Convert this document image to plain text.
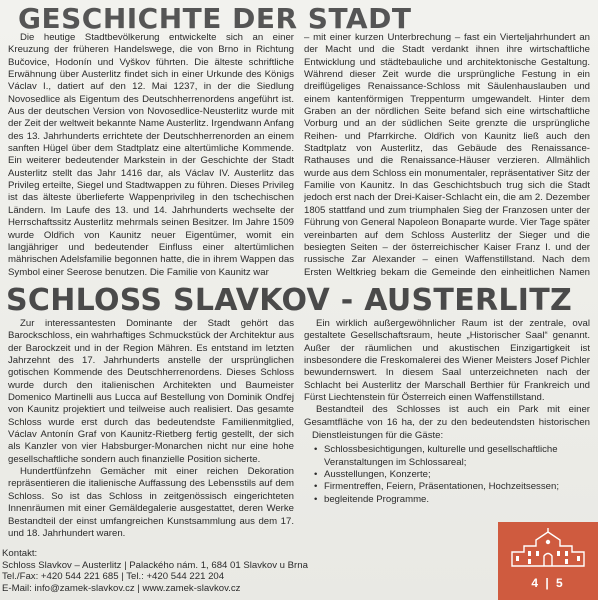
GESCHICHTE DER STADT

Die heutige Stadtbevölkerung entwickelte sich an einer Kreuzung der früheren Handelswege, die von Brno in Richtung Bučovice, Hodonín und Vyškov führten. Die älteste schriftliche Erwähnung über Austerlitz findet sich in einer Urkunde des Königs Václav I., datiert auf den 12. Mai 1237, in der die Siedlung Novosedlice als Eigentum des Deutschherrenordens angeführt ist. Aus der deutschen Version von Novosedlice-Neusterlitz wurde mit der Zeit der weltweit bekannte Name Austerlitz. Irgendwann Anfang des 13. Jahrhunderts errichtete der Deutschherrenorden an einem sanften Hügel über dem Stadtplatz eine altertümliche Kommende. Ein weiterer bedeutender Markstein in der Geschichte der Stadt Austerlitz stellt das Jahr 1416 dar, als Václav IV. Austerlitz das Privileg erteilte, Siegel und Stadtwappen zu führen. Dieses Privileg ist das älteste überlieferte Wappenprivileg in den tschechischen Ländern. Im Laufe des 13. und 14. Jahrhunderts wechselte der Herrschaftssitz Austerlitz mehrmals seinen Besitzer. Im Jahre 1509 wurde Oldřich von Kaunitz neuer Eigentümer, womit ein langjähriger und bedeutender Einfluss einer altertümlichen mährischen Adelsfamilie begonnen hatte, die in ihrem Wappen das Symbol einer Seerose benutzen. Die Familie von Kaunitz war

– mit einer kurzen Unterbrechung – fast ein Vierteljahrhundert an der Macht und die Stadt verdankt ihnen ihre wirtschaftliche Entwicklung und städtebauliche und architektonische Gestaltung. Während dieser Zeit wurde die ursprüngliche Festung in ein dreiflügeliges Renaissance-Schloss mit Säulenhauslauben und einem kantenförmigen Treppenturm umgewandelt. Hinter dem Graben an der nördlichen Seite befand sich eine wirtschaftliche Vorburg und an der südlichen Seite grenzte die ursprüngliche Reihen- und Pfarrkirche. Oldřich von Kaunitz ließ auch den Stadtplatz von Austerlitz, das Gebäude des Renaissance-Rathauses und die Renaissance-Häuser verzieren. Allmählich wurde aus dem Schloss ein monumentaler, repräsentativer Sitz der Familie von Kaunitz. In das Geschichtsbuch trug sich die Stadt jedoch erst nach der Drei-Kaiser-Schlacht ein, die am 2. Dezember 1805 stattfand und zum triumphalen Sieg der Franzosen unter der Führung von General Napoleon Bonaparte wurde. Vier Tage später vereinbarten auf dem Schloss Austerlitz der Sieger und die besiegten Seiten – der österreichischer Kaiser Franz I. und der russische Zar Alexander – einen Waffenstillstand. Nach dem Ersten Weltkrieg bekam die Gemeinde den einheitlichen Namen

SCHLOSS SLAVKOV - AUSTERLITZ

Zur interessantesten Dominante der Stadt gehört das Barockschloss, ein wahrhaftiges Schmuckstück der Architektur aus der Barockzeit und in der Region Mähren. Es entstand im letzten Jahrzehnt des 17. Jahrhunderts anstelle der ursprünglichen gotischen Kommende des Deutschherrenordens. Dieses Schloss wurde durch den italienischen Architekten und Baumeister Domenico Martinelli aus Lucca auf Bestellung von Dominik Ondřej von Kaunitz projektiert und teilweise auch realisiert. Das gesamte Schloss wurde erst durch das bedeutendste Familienmitglied, Václav Antonín Graf von Kaunitz-Rietberg fertig gestellt, der sich als Kanzler von vier Habsburger-Monarchen nicht nur eine hohe gesellschaftliche sondern auch finanzielle Position sicherte.

Hundertfünfzehn Gemächer mit einer reichen Dekoration repräsentieren die italienische Auffassung des Lebensstils auf dem Schloss. So ist das Schloss in zeitgenössisch eingerichteten Innenräumen mit einer Gemäldegalerie ausgestattet, deren Werke Bestandteil der einst umfangreichen Kunstsammlung aus dem 17. und 18. Jahrhundert waren.

Ein wirklich außergewöhnlicher Raum ist der zentrale, oval gestaltete Gesellschaftsraum, heute „Historischer Saal“ genannt. Außer der räumlichen und akustischen Einzigartigkeit ist insbesondere die Freskomalerei des Wiener Meisters Josef Pichler bewundernswert. In diesem Saal unterzeichneten nach der Schlacht bei Austerlitz der Marschall Berthier für Frankreich und Fürst Liechtenstein für Österreich einen Waffenstillstand.

Bestandteil des Schlosses ist auch ein Park mit einer Gesamtfläche von 16 ha, der zu den bedeutendsten historischen

Dienstleistungen für die Gäste:
• Schlossbesichtigungen, kulturelle und gesellschaftliche Veranstaltungen im Schlossareal;
• Ausstellungen, Konzerte;
• Firmentreffen, Feiern, Präsentationen, Hochzeitsessen;
• begleitende Programme.
Kontakt:
Schloss Slavkov – Austerlitz | Palackého nám. 1, 684 01 Slavkov u Brna
Tel./Fax: +420 544 221 685 | Tel.: +420 544 221 204
E-Mail: info@zamek-slavkov.cz | www.zamek-slavkov.cz	4 | 5
